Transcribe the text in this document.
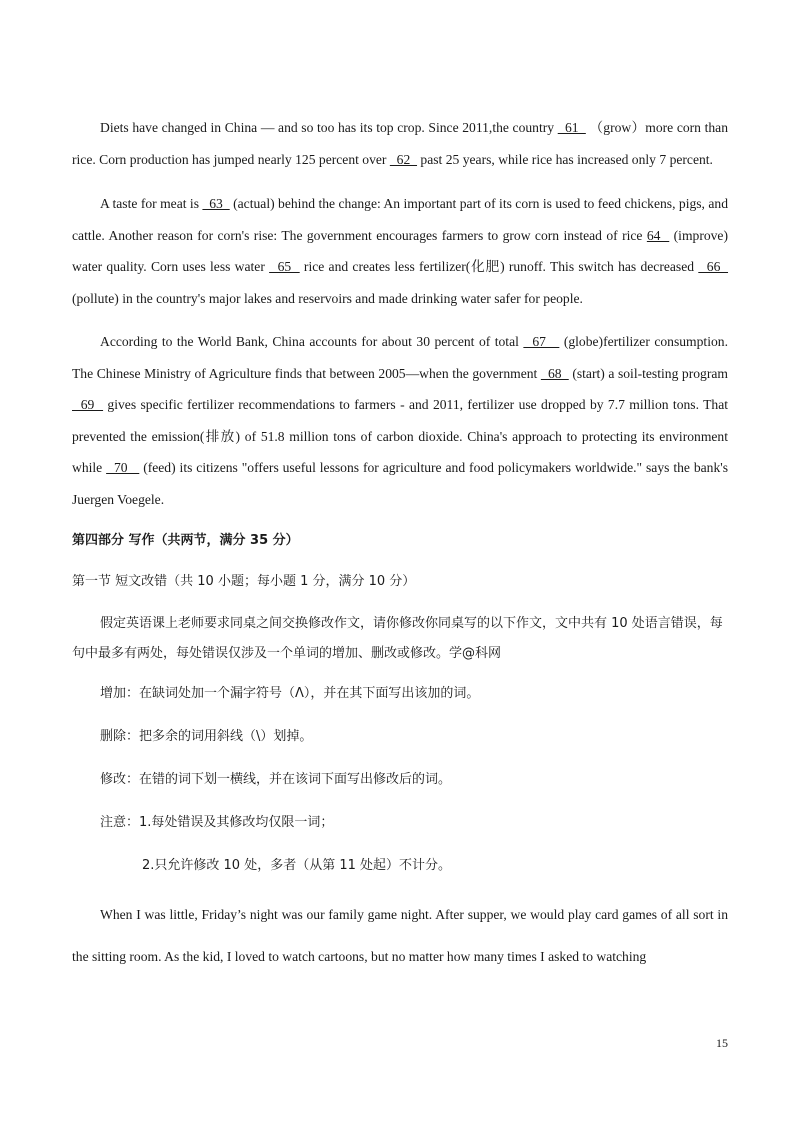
Diets have changed in China — and so too has its top crop. Since 2011,the country   61   （grow）more corn than rice. Corn production has jumped nearly 125 percent over   62   past 25 years, while rice has increased only 7 percent.

A taste for meat is   63   (actual) behind the change: An important part of its corn is used to feed chickens, pigs, and cattle. Another reason for corn's rise: The government encourages farmers to grow corn instead of rice 64   (improve) water quality. Corn uses less water   65   rice and creates less fertilizer(化肥) runoff. This switch has decreased   66   (pollute) in the country's major lakes and reservoirs and made drinking water safer for people.

According to the World Bank, China accounts for about 30 percent of total   67    (globe)fertilizer consumption. The Chinese Ministry of Agriculture finds that between 2005—when the government   68   (start) a soil-testing program   69   gives specific fertilizer recommendations to farmers - and 2011, fertilizer use dropped by 7.7 million tons. That prevented the emission(排放) of 51.8 million tons of carbon dioxide. China's approach to protecting its environment while   70    (feed) its citizens "offers useful lessons for agriculture and food policymakers worldwide." says the bank's Juergen Voegele.

第四部分 写作（共两节，满分 35 分）
第一节 短文改错（共 10 小题；每小题 1 分，满分 10 分）

假定英语课上老师要求同桌之间交换修改作文，请你修改你同桌写的以下作文，文中共有 10 处语言错误，每句中最多有两处，每处错误仅涉及一个单词的增加、删改或修改。学@科网

增加：在缺词处加一个漏字符号（Λ），并在其下面写出该加的词。

删除：把多余的词用斜线（\）划掉。

修改：在错的词下划一横线，并在该词下面写出修改后的词。

注意：1.每处错误及其修改均仅限一词；

2.只允许修改 10 处，多者（从第 11 处起）不计分。

When I was little, Friday’s night was our family game night. After supper, we would play card games of all sort in the sitting room. As the kid, I loved to watch cartoons, but no matter how many times I asked to watching

15
